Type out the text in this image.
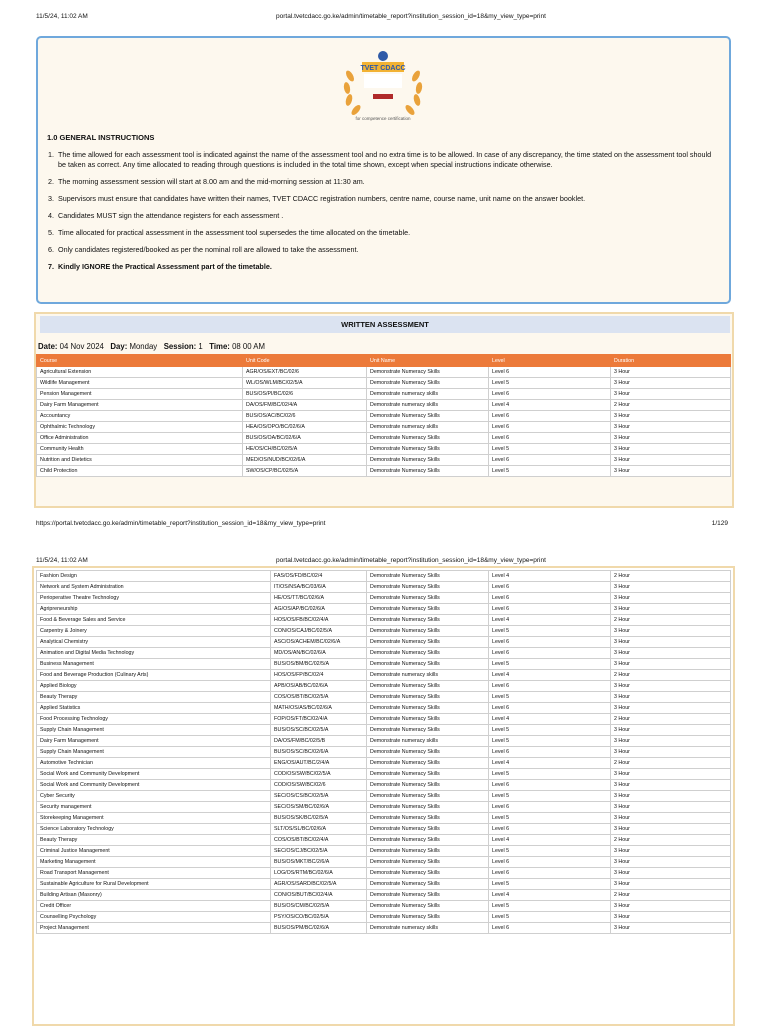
11/5/24, 11:02 AM	portal.tvetcdacc.go.ke/admin/timetable_report?institution_session_id=18&my_view_type=print
TVET CDACC
for competence certification
1.0 GENERAL INSTRUCTIONS
1. The time allowed for each assessment tool is indicated against the name of the assessment tool and no extra time is to be allowed. In case of any discrepancy, the time stated on the assessment tool should be taken as correct. Any time allocated to reading through questions is included in the total time shown, except when special instructions indicate otherwise.
2. The morning assessment session will start at 8.00 am and the mid-morning session at 11:30 am.
3. Supervisors must ensure that candidates have written their names, TVET CDACC registration numbers, centre name, course name, unit name on the answer booklet.
4. Candidates MUST sign the attendance registers for each assessment .
5. Time allocated for practical assessment in the assessment tool supersedes the time allocated on the timetable.
6. Only candidates registered/booked as per the nominal roll are allowed to take the assessment.
7. Kindly IGNORE the Practical Assessment part of the timetable.
WRITTEN ASSESSMENT
Date: 04 Nov 2024 Day: Monday Session: 1 Time: 08 00 AM
Course	Unit Code	Unit Name	Level	Duration
Agricultural Extension	AGR/OS/EXT/BC/02/6	Demonstrate Numeracy Skills	Level 6	3 Hour
Wildlife Management	WL/OS/WLM/BC/02/5/A	Demonstrate Numeracy Skills	Level 5	3 Hour
Pension Management	BUS/OS/PI/BC/02/6	Demonstrate numeracy skills	Level 6	3 Hour
Dairy Farm Management	DA/OS/FM/BC/02/4/A	Demonstrate numeracy skills	Level 4	2 Hour
Accountancy	BUS/OS/AC/BC/02/6	Demonstrate Numeracy Skills	Level 6	3 Hour
Ophthalmic Technology	HEA/OS/OPO/BC/02/6/A	Demonstrate numeracy skills	Level 6	3 Hour
Office Administration	BUS/OS/OA/BC/02/6/A	Demonstrate Numeracy Skills	Level 6	3 Hour
Community Health	HE/OS/CH/BC/02/5/A	Demonstrate Numeracy Skills	Level 5	3 Hour
Nutrition and Dietetics	MED/OS/NUD/BC/02/6/A	Demonstrate Numeracy Skills	Level 6	3 Hour
Child Protection	SW/OS/CP/BC/02/5/A	Demonstrate Numeracy Skills	Level 5	3 Hour
https://portal.tvetcdacc.go.ke/admin/timetable_report?institution_session_id=18&my_view_type=print	1/129
11/5/24, 11:02 AM	portal.tvetcdacc.go.ke/admin/timetable_report?institution_session_id=18&my_view_type=print
Fashion Design	FAS/OS/FD/BC/02/4	Demonstrate Numeracy Skills	Level 4	2 Hour
Network and System Administration	IT/OS/NSA/BC/03/6/A	Demonstrate Numeracy Skills	Level 6	3 Hour
Perioperative Theatre Technology	HE/OS/TT/BC/02/6/A	Demonstrate Numeracy Skills	Level 6	3 Hour
Agripreneurship	AG/OS/AP/BC/02/6/A	Demonstrate Numeracy Skills	Level 6	3 Hour
Food & Beverage Sales and Service	HOS/OS/FB/BC/02/4/A	Demonstrate Numeracy Skills	Level 4	2 Hour
Carpentry & Joinery	CON/OS/CAJ/BC/02/5/A	Demonstrate Numeracy Skills	Level 5	3 Hour
Analytical Chemistry	ASC/OS/ACHEM/BC/02/6/A	Demonstrate Numeracy Skills	Level 6	3 Hour
Animation and Digital Media Technology	MD/OS/AN/BC/02/6/A	Demonstrate Numeracy Skills	Level 6	3 Hour
Business Management	BUS/OS/BM/BC/02/5/A	Demonstrate Numeracy Skills	Level 5	3 Hour
Food and Beverage Production (Culinary Arts)	HOS/OS/FP/BC/02/4	Demonstrate numeracy skills	Level 4	2 Hour
Applied Biology	APB/OS/AB/BC/02/6/A	Demonstrate Numeracy Skills	Level 6	3 Hour
Beauty Therapy	COS/OS/BT/BC/02/5/A	Demonstrate Numeracy Skills	Level 5	3 Hour
Applied Statistics	MATH/OS/AS/BC/02/6/A	Demonstrate Numeracy Skills	Level 6	3 Hour
Food Processing Technology	FOP/OS/FT/BC/02/4/A	Demonstrate Numeracy Skills	Level 4	2 Hour
Supply Chain Management	BUS/OS/SC/BC/02/5/A	Demonstrate Numeracy Skills	Level 5	3 Hour
Dairy Farm Management	DA/OS/FM/BC/02/5/B	Demonstrate numeracy skills	Level 5	3 Hour
Supply Chain Management	BUS/OS/SC/BC/02/6/A	Demonstrate Numeracy Skills	Level 6	3 Hour
Automotive Technician	ENG/OS/AUT/BC/2/4/A	Demonstrate Numeracy Skills	Level 4	2 Hour
Social Work and Community Development	COD/OS/SW/BC/02/5/A	Demonstrate Numeracy Skills	Level 5	3 Hour
Social Work and Community Development	COD/OS/SW/BC/02/6	Demonstrate Numeracy Skills	Level 6	3 Hour
Cyber Security	SEC/OS/CS/BC/02/5/A	Demonstrate Numeracy Skills	Level 5	3 Hour
Security management	SEC/OS/SM/BC/02/6/A	Demonstrate Numeracy Skills	Level 6	3 Hour
Storekeeping Management	BUS/OS/SK/BC/02/5/A	Demonstrate Numeracy Skills	Level 5	3 Hour
Science Laboratory Technology	SLT/OS/SL/BC/02/6/A	Demonstrate Numeracy Skills	Level 6	3 Hour
Beauty Therapy	COS/OS/BT/BC/02/4/A	Demonstrate Numeracy Skills	Level 4	2 Hour
Criminal Justice Management	SEC/OS/CJ/BC/02/5/A	Demonstrate Numeracy Skills	Level 5	3 Hour
Marketing Management	BUS/OS/MKT/BC/2/6/A	Demonstrate Numeracy Skills	Level 6	3 Hour
Road Transport Management	LOG/OS/RTM/BC/02/6/A	Demonstrate Numeracy Skills	Level 6	3 Hour
Sustainable Agriculture for Rural Development	AGR/OS/SARD/BC/02/5/A	Demonstrate Numeracy Skills	Level 5	3 Hour
Building Artisan (Masonry)	CON/OS/BUT/BC/02/4/A	Demonstrate Numeracy Skills	Level 4	2 Hour
Credit Officer	BUS/OS/CM/BC/02/5/A	Demonstrate Numeracy Skills	Level 5	3 Hour
Counselling Psychology	PSY/OS/CO/BC/02/5/A	Demonstrate Numeracy Skills	Level 5	3 Hour
Project Management	BUS/OS/PM/BC/02/6/A	Demonstrate numeracy skills	Level 6	3 Hour
